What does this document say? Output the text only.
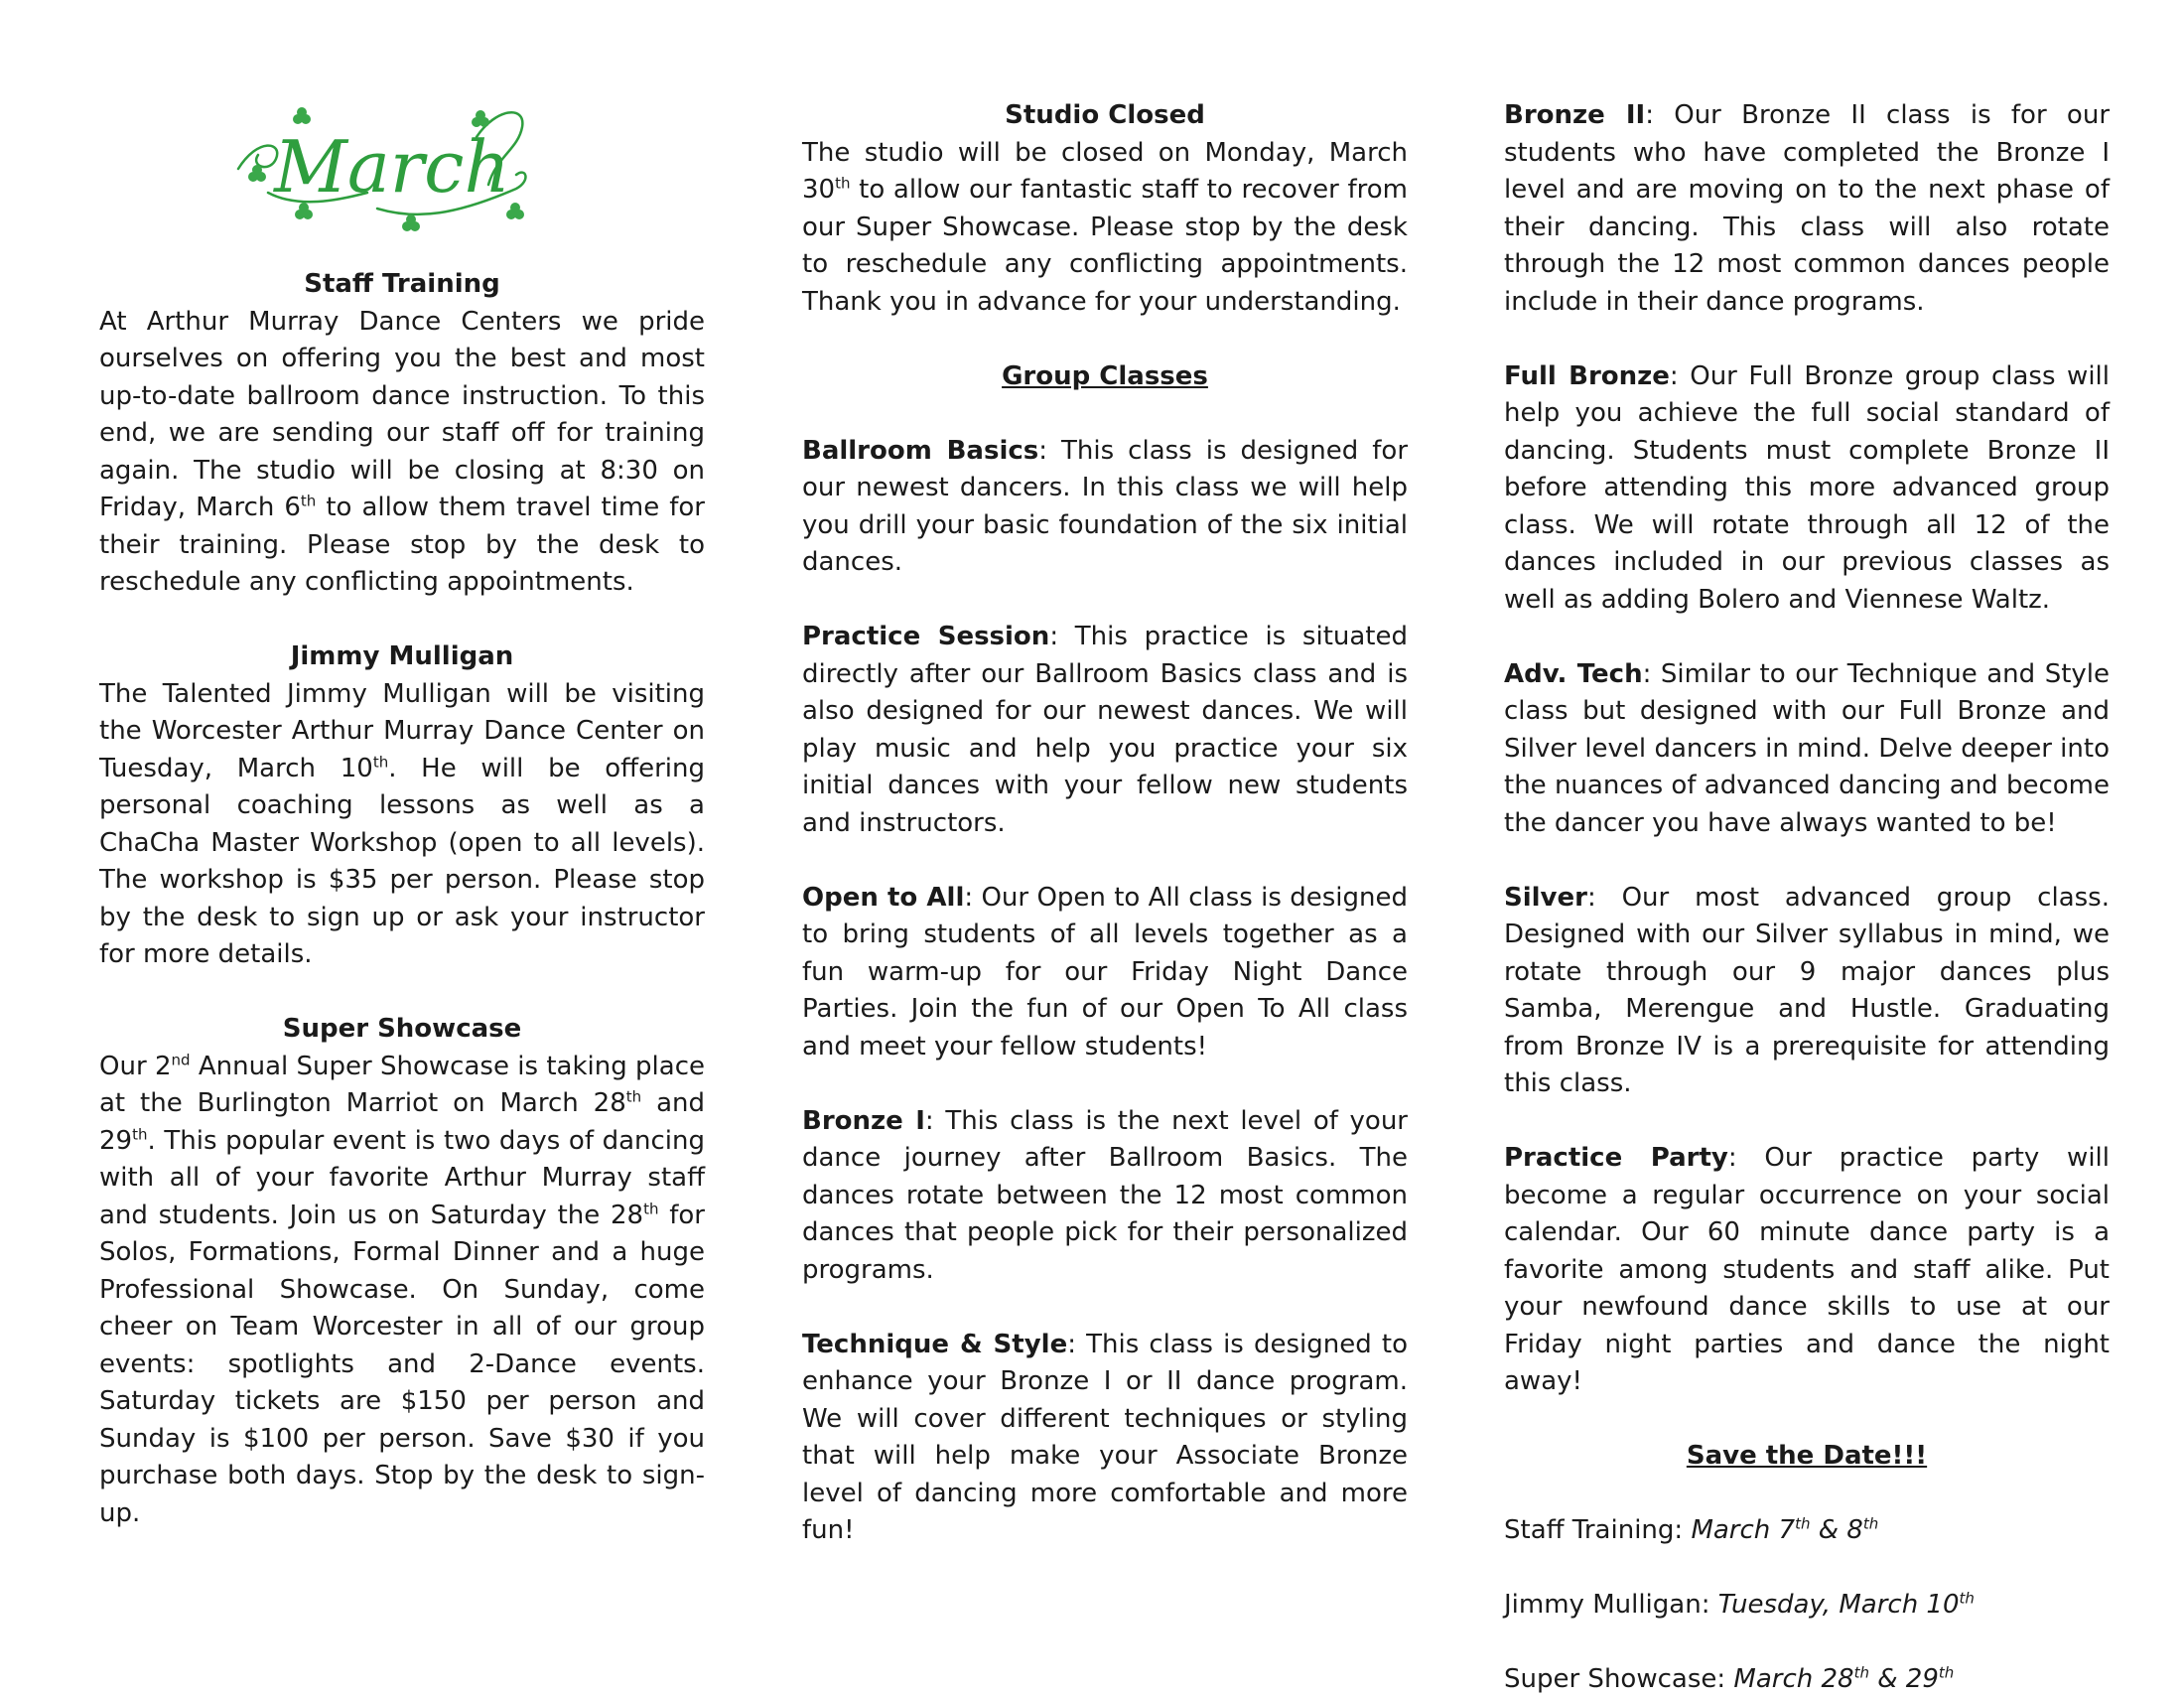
March
Staff Training

At Arthur Murray Dance Centers we pride ourselves on offering you the best and most up-to-date ballroom dance instruction. To this end, we are sending our staff off for training again. The studio will be closing at 8:30 on Friday, March 6th to allow them travel time for their training. Please stop by the desk to reschedule any conflicting appointments.

Jimmy Mulligan

The Talented Jimmy Mulligan will be visiting the Worcester Arthur Murray Dance Center on Tuesday, March 10th. He will be offering personal coaching lessons as well as a ChaCha Master Workshop (open to all levels). The workshop is $35 per person. Please stop by the desk to sign up or ask your instructor for more details.

Super Showcase

Our 2nd Annual Super Showcase is taking place at the Burlington Marriot on March 28th and 29th. This popular event is two days of dancing with all of your favorite Arthur Murray staff and students. Join us on Saturday the 28th for Solos, Formations, Formal Dinner and a huge Professional Showcase. On Sunday, come cheer on Team Worcester in all of our group events: spotlights and 2-Dance events. Saturday tickets are $150 per person and Sunday is $100 per person. Save $30 if you purchase both days. Stop by the desk to sign-up.

Studio Closed

The studio will be closed on Monday, March 30th to allow our fantastic staff to recover from our Super Showcase. Please stop by the desk to reschedule any conflicting appointments. Thank you in advance for your understanding.

Group Classes

Ballroom Basics: This class is designed for our newest dancers. In this class we will help you drill your basic foundation of the six initial dances.

Practice Session: This practice is situated directly after our Ballroom Basics class and is also designed for our newest dances. We will play music and help you practice your six initial dances with your fellow new students and instructors.

Open to All: Our Open to All class is designed to bring students of all levels together as a fun warm-up for our Friday Night Dance Parties. Join the fun of our Open To All class and meet your fellow students!

Bronze I: This class is the next level of your dance journey after Ballroom Basics. The dances rotate between the 12 most common dances that people pick for their personalized programs.

Technique & Style: This class is designed to enhance your Bronze I or II dance program. We will cover different techniques or styling that will help make your Associate Bronze level of dancing more comfortable and more fun!

Bronze II: Our Bronze II class is for our students who have completed the Bronze I level and are moving on to the next phase of their dancing. This class will also rotate through the 12 most common dances people include in their dance programs.

Full Bronze: Our Full Bronze group class will help you achieve the full social standard of dancing. Students must complete Bronze II before attending this more advanced group class. We will rotate through all 12 of the dances included in our previous classes as well as adding Bolero and Viennese Waltz.

Adv. Tech: Similar to our Technique and Style class but designed with our Full Bronze and Silver level dancers in mind. Delve deeper into the nuances of advanced dancing and become the dancer you have always wanted to be!

Silver: Our most advanced group class. Designed with our Silver syllabus in mind, we rotate through our 9 major dances plus Samba, Merengue and Hustle. Graduating from Bronze IV is a prerequisite for attending this class.

Practice Party: Our practice party will become a regular occurrence on your social calendar. Our 60 minute dance party is a favorite among students and staff alike. Put your newfound dance skills to use at our Friday night parties and dance the night away!

Save the Date!!!
Staff Training: March 7th & 8th
Jimmy Mulligan: Tuesday, March 10th
Super Showcase: March 28th & 29th
